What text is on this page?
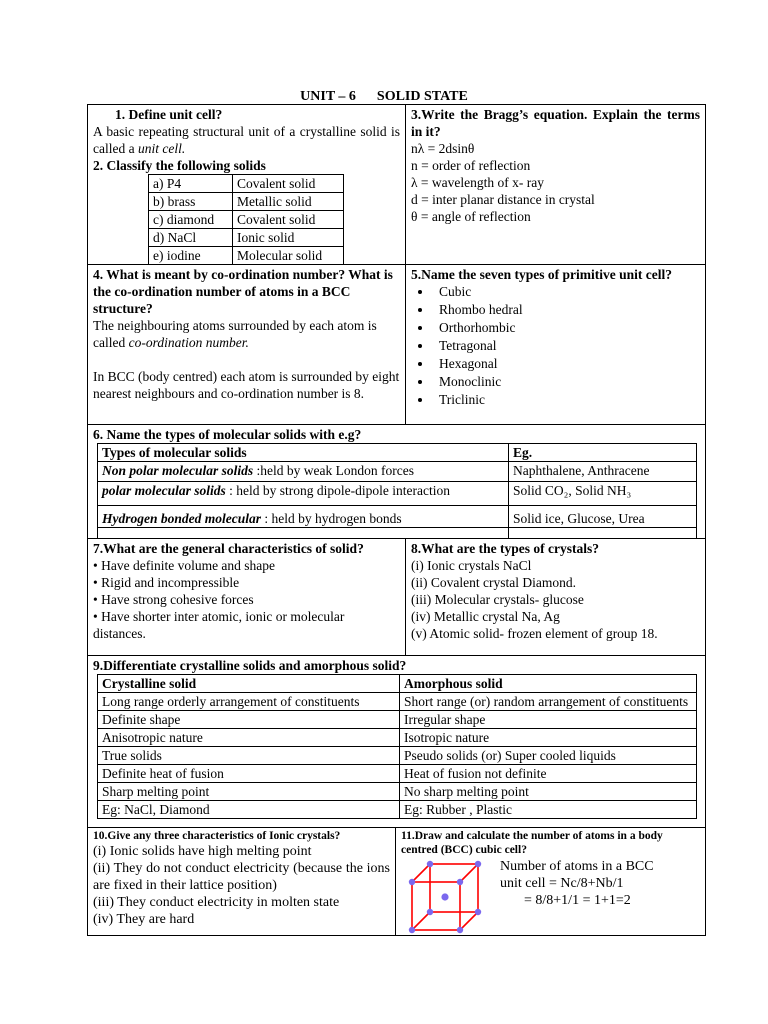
UNIT – 6 SOLID STATE
1. Define unit cell?
A basic repeating structural unit of a crystalline solid is called a unit cell.
2. Classify the following solids
a) P4	Covalent solid
b) brass	Metallic solid
c) diamond	Covalent solid
d) NaCl	Ionic solid
e) iodine	Molecular solid
3.Write the Bragg’s equation. Explain the terms in it?
nλ = 2dsinθ
n = order of reflection
λ = wavelength of x- ray
d = inter planar distance in crystal
θ = angle of reflection
4. What is meant by co-ordination number? What is the co-ordination number of atoms in a BCC structure?
The neighbouring atoms surrounded by each atom is called co-ordination number.
In BCC (body centred) each atom is surrounded by eight nearest neighbours and co-ordination number is 8.
5.Name the seven types of primitive unit cell?
• Cubic
• Rhombo hedral
• Orthorhombic
• Tetragonal
• Hexagonal
• Monoclinic
• Triclinic
6. Name the types of molecular solids with e.g?
Types of molecular solids	Eg.
Non polar molecular solids :held by weak London forces	Naphthalene, Anthracene
polar molecular solids : held by strong dipole-dipole interaction	Solid CO₂, Solid NH₃
Hydrogen bonded molecular : held by hydrogen bonds	Solid ice, Glucose, Urea

7.What are the general characteristics of solid?
• Have definite volume and shape
• Rigid and incompressible
• Have strong cohesive forces
• Have shorter inter atomic, ionic or molecular distances.
8.What are the types of crystals?
(i) Ionic crystals NaCl
(ii) Covalent crystal Diamond.
(iii) Molecular crystals- glucose
(iv) Metallic crystal Na, Ag
(v) Atomic solid- frozen element of group 18.
9.Differentiate crystalline solids and amorphous solid?
Crystalline solid	Amorphous solid
Long range orderly arrangement of constituents	Short range (or) random arrangement of constituents
Definite shape	Irregular shape
Anisotropic nature	Isotropic nature
True solids	Pseudo solids (or) Super cooled liquids
Definite heat of fusion	Heat of fusion not definite
Sharp melting point	No sharp melting point
Eg: NaCl, Diamond	Eg: Rubber , Plastic
10.Give any three characteristics of Ionic crystals?
(i) Ionic solids have high melting point
(ii) They do not conduct electricity (because the ions are fixed in their lattice position)
(iii) They conduct electricity in molten state
(iv) They are hard
11.Draw and calculate the number of atoms in a body centred (BCC) cubic cell?
Number of atoms in a BCC
unit cell = Nc/8+Nb/1
= 8/8+1/1 = 1+1=2
